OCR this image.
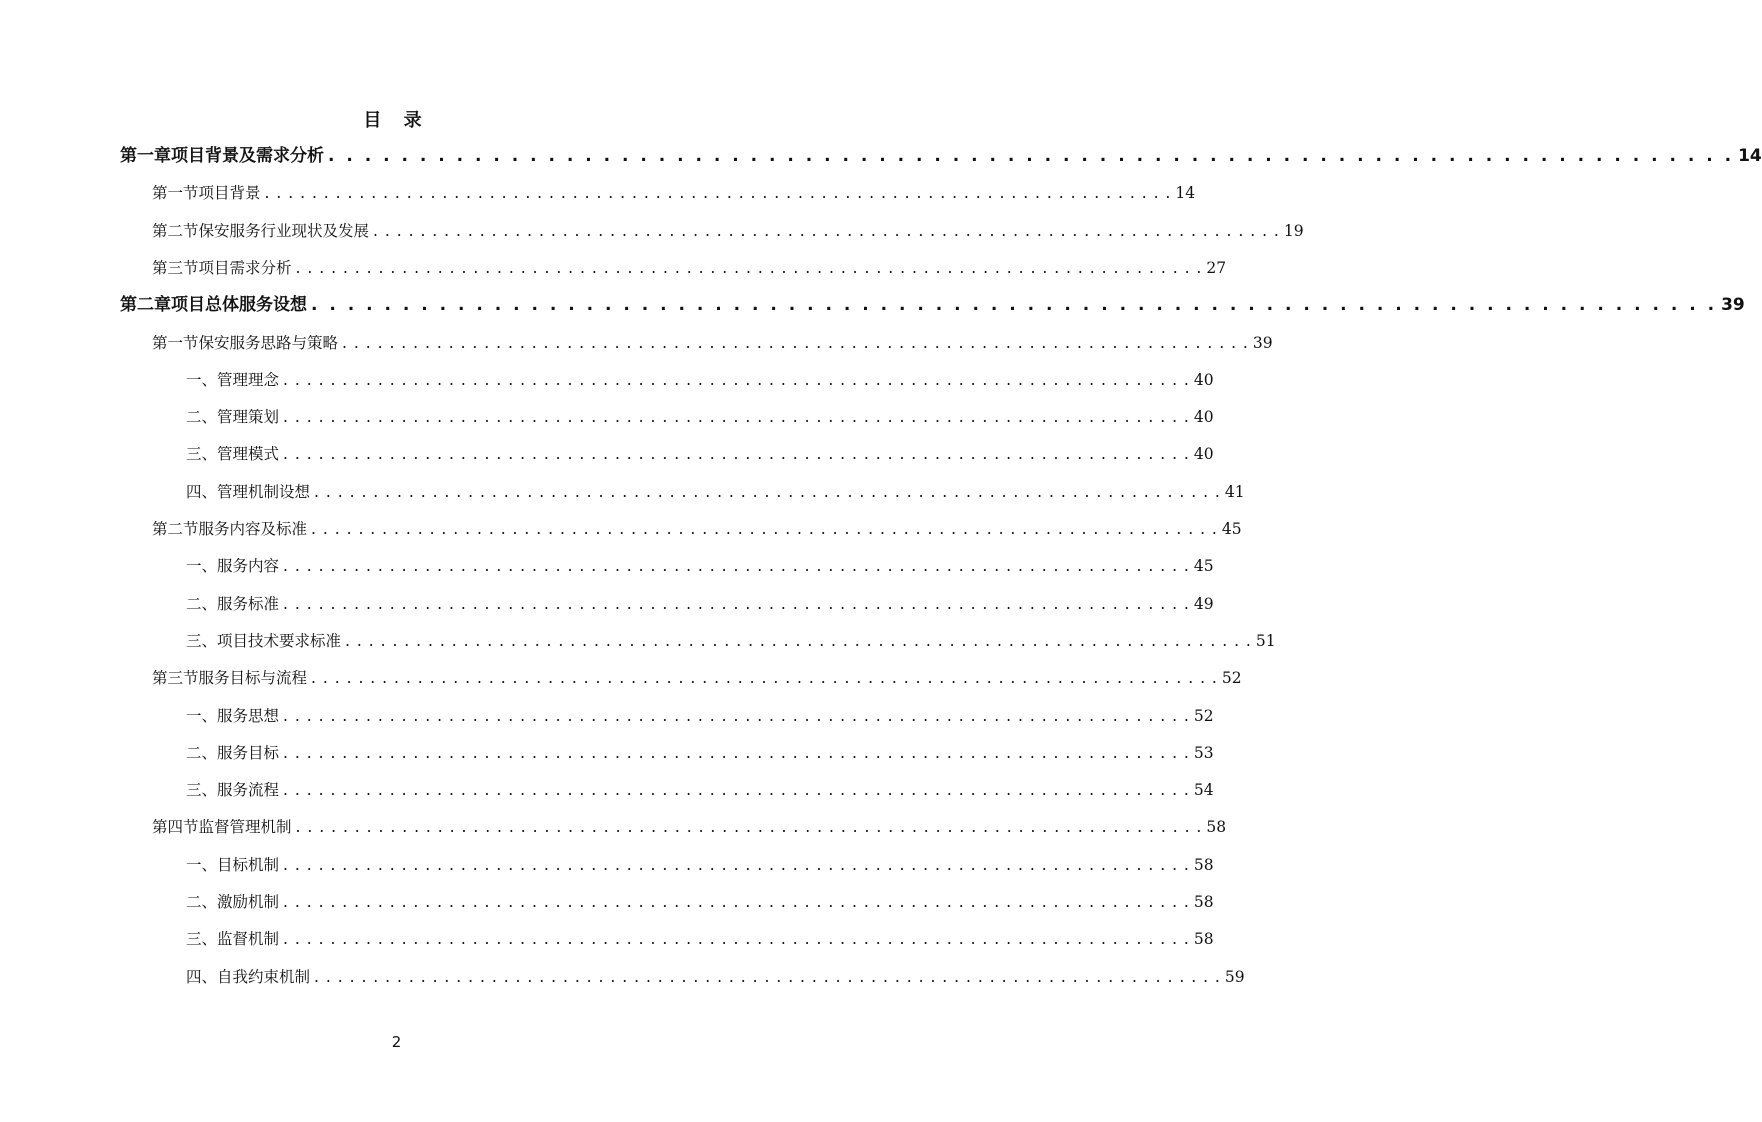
目 录
第一章 项目背景及需求分析 . . . . . . . . . . . . . . . . . . . . . . . . . . . . . . . . . . . . . . . . . . . . . . . . . . . . . . . . . . . . . . . . . . . . . . . . . . . . . 14
第一节 项目背景 . . . . . . . . . . . . . . . . . . . . . . . . . . . . . . . . . . . . . . . . . . . . . . . . . . . . . . . . . . . . . . . . . . . . . . . . . . . . . 14
第二节 保安服务行业现状及发展 . . . . . . . . . . . . . . . . . . . . . . . . . . . . . . . . . . . . . . . . . . . . . . . . . . . . . . . . . . . . . . . . . . . . . . . . . . . . . 19
第三节 项目需求分析 . . . . . . . . . . . . . . . . . . . . . . . . . . . . . . . . . . . . . . . . . . . . . . . . . . . . . . . . . . . . . . . . . . . . . . . . . . . . . 27
第二章 项目总体服务设想 . . . . . . . . . . . . . . . . . . . . . . . . . . . . . . . . . . . . . . . . . . . . . . . . . . . . . . . . . . . . . . . . . . . . . . . . . . . . . 39
第一节 保安服务思路与策略 . . . . . . . . . . . . . . . . . . . . . . . . . . . . . . . . . . . . . . . . . . . . . . . . . . . . . . . . . . . . . . . . . . . . . . . . . . . . . 39
一、 管理理念 . . . . . . . . . . . . . . . . . . . . . . . . . . . . . . . . . . . . . . . . . . . . . . . . . . . . . . . . . . . . . . . . . . . . . . . . . . . . . 40
二、 管理策划 . . . . . . . . . . . . . . . . . . . . . . . . . . . . . . . . . . . . . . . . . . . . . . . . . . . . . . . . . . . . . . . . . . . . . . . . . . . . . 40
三、 管理模式 . . . . . . . . . . . . . . . . . . . . . . . . . . . . . . . . . . . . . . . . . . . . . . . . . . . . . . . . . . . . . . . . . . . . . . . . . . . . . 40
四、 管理机制设想 . . . . . . . . . . . . . . . . . . . . . . . . . . . . . . . . . . . . . . . . . . . . . . . . . . . . . . . . . . . . . . . . . . . . . . . . . . . . . 41
第二节 服务内容及标准 . . . . . . . . . . . . . . . . . . . . . . . . . . . . . . . . . . . . . . . . . . . . . . . . . . . . . . . . . . . . . . . . . . . . . . . . . . . . . 45
一、 服务内容 . . . . . . . . . . . . . . . . . . . . . . . . . . . . . . . . . . . . . . . . . . . . . . . . . . . . . . . . . . . . . . . . . . . . . . . . . . . . . 45
二、 服务标准 . . . . . . . . . . . . . . . . . . . . . . . . . . . . . . . . . . . . . . . . . . . . . . . . . . . . . . . . . . . . . . . . . . . . . . . . . . . . . 49
三、 项目技术要求标准 . . . . . . . . . . . . . . . . . . . . . . . . . . . . . . . . . . . . . . . . . . . . . . . . . . . . . . . . . . . . . . . . . . . . . . . . . . . . . 51
第三节 服务目标与流程 . . . . . . . . . . . . . . . . . . . . . . . . . . . . . . . . . . . . . . . . . . . . . . . . . . . . . . . . . . . . . . . . . . . . . . . . . . . . . 52
一、 服务思想 . . . . . . . . . . . . . . . . . . . . . . . . . . . . . . . . . . . . . . . . . . . . . . . . . . . . . . . . . . . . . . . . . . . . . . . . . . . . . 52
二、 服务目标 . . . . . . . . . . . . . . . . . . . . . . . . . . . . . . . . . . . . . . . . . . . . . . . . . . . . . . . . . . . . . . . . . . . . . . . . . . . . . 53
三、 服务流程 . . . . . . . . . . . . . . . . . . . . . . . . . . . . . . . . . . . . . . . . . . . . . . . . . . . . . . . . . . . . . . . . . . . . . . . . . . . . . 54
第四节 监督管理机制 . . . . . . . . . . . . . . . . . . . . . . . . . . . . . . . . . . . . . . . . . . . . . . . . . . . . . . . . . . . . . . . . . . . . . . . . . . . . . 58
一、 目标机制 . . . . . . . . . . . . . . . . . . . . . . . . . . . . . . . . . . . . . . . . . . . . . . . . . . . . . . . . . . . . . . . . . . . . . . . . . . . . . 58
二、 激励机制 . . . . . . . . . . . . . . . . . . . . . . . . . . . . . . . . . . . . . . . . . . . . . . . . . . . . . . . . . . . . . . . . . . . . . . . . . . . . . 58
三、 监督机制 . . . . . . . . . . . . . . . . . . . . . . . . . . . . . . . . . . . . . . . . . . . . . . . . . . . . . . . . . . . . . . . . . . . . . . . . . . . . . 58
四、 自我约束机制 . . . . . . . . . . . . . . . . . . . . . . . . . . . . . . . . . . . . . . . . . . . . . . . . . . . . . . . . . . . . . . . . . . . . . . . . . . . . . 59
2
